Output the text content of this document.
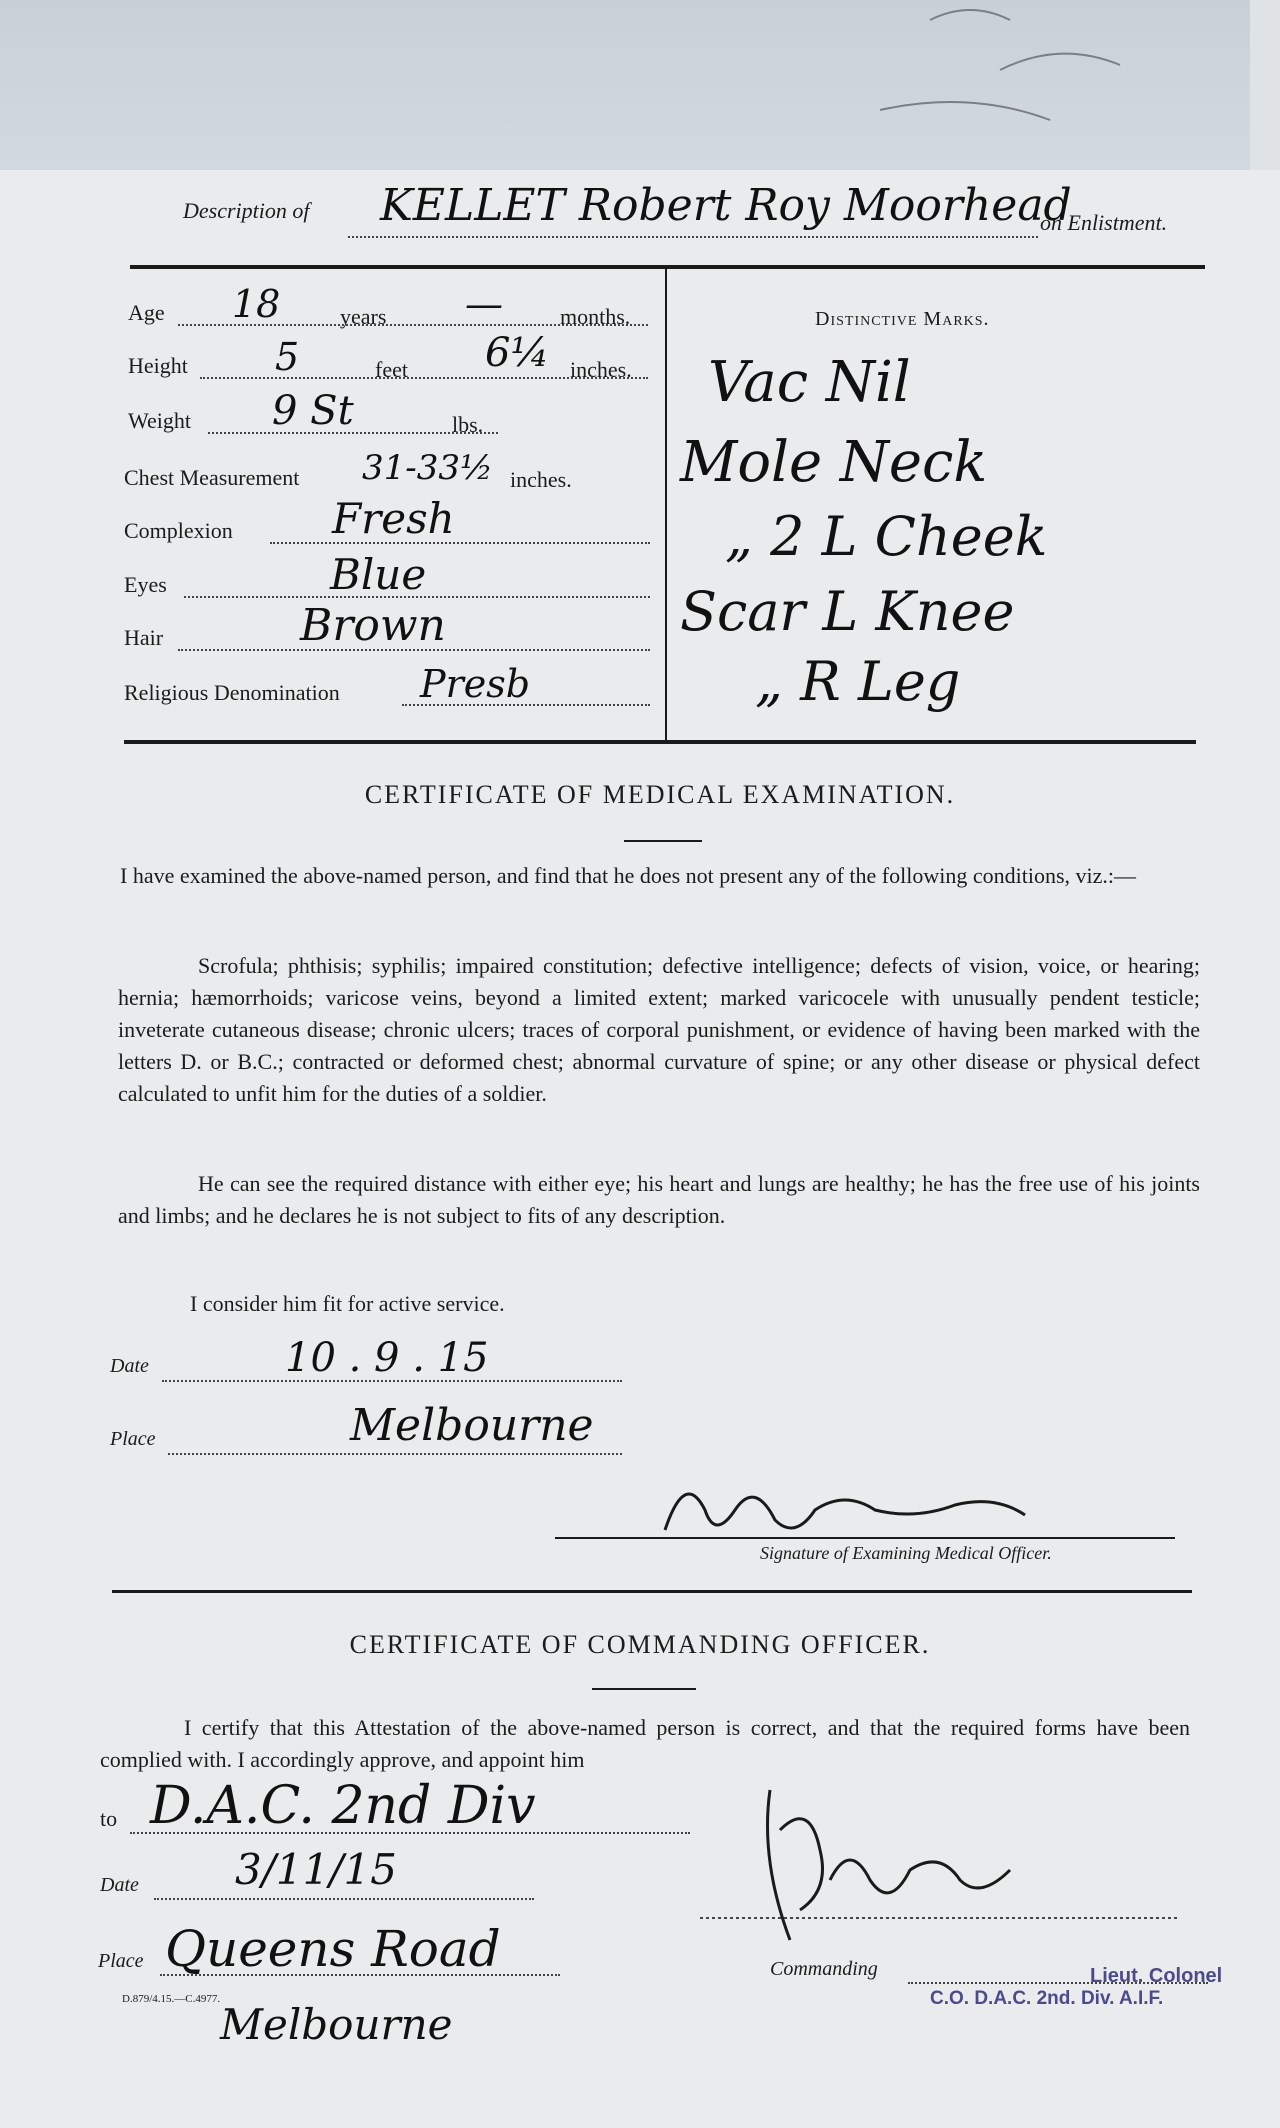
Description of KELLET Robert Roy Moorhead
on Enlistment.
Age 18	years —	months.
Height 5	feet 6¼ inches.
Weight 9 St	lbs.
Chest Measurement 31-33½ inches.
Complexion Fresh
Eyes	Blue
Hair	Brown
Religious Denomination Presb
Distinctive Marks.
Vac Nil
Mole Neck
„ 2 L Cheek
Scar L Knee
„ R Leg
CERTIFICATE OF MEDICAL EXAMINATION.
I have examined the above-named person, and find that he does not present any of the following conditions, viz.:—
Scrofula; phthisis; syphilis; impaired constitution; defective intelligence; defects of vision, voice, or hearing; hernia; hæmorrhoids; varicose veins, beyond a limited extent; marked varicocele with unusually pendent testicle; inveterate cutaneous disease; chronic ulcers; traces of corporal punishment, or evidence of having been marked with the letters D. or B.C.; contracted or deformed chest; abnormal curvature of spine; or any other disease or physical defect calculated to unfit him for the duties of a soldier.
He can see the required distance with either eye; his heart and lungs are healthy; he has the free use of his joints and limbs; and he declares he is not subject to fits of any description.
I consider him fit for active service.
Date	10 . 9 . 15
Place	Melbourne
Signature of Examining Medical Officer.
CERTIFICATE OF COMMANDING OFFICER.
I certify that this Attestation of the above-named person is correct, and that the required forms have been complied with. I accordingly approve, and appoint him
to D.A.C. 2nd Div
Date 3/11/15
Place Queens Road
D.879/4.15.—C.4977.
Melbourne
Commanding	Lieut. Colonel
C.O. D.A.C. 2nd. Div. A.I.F.
